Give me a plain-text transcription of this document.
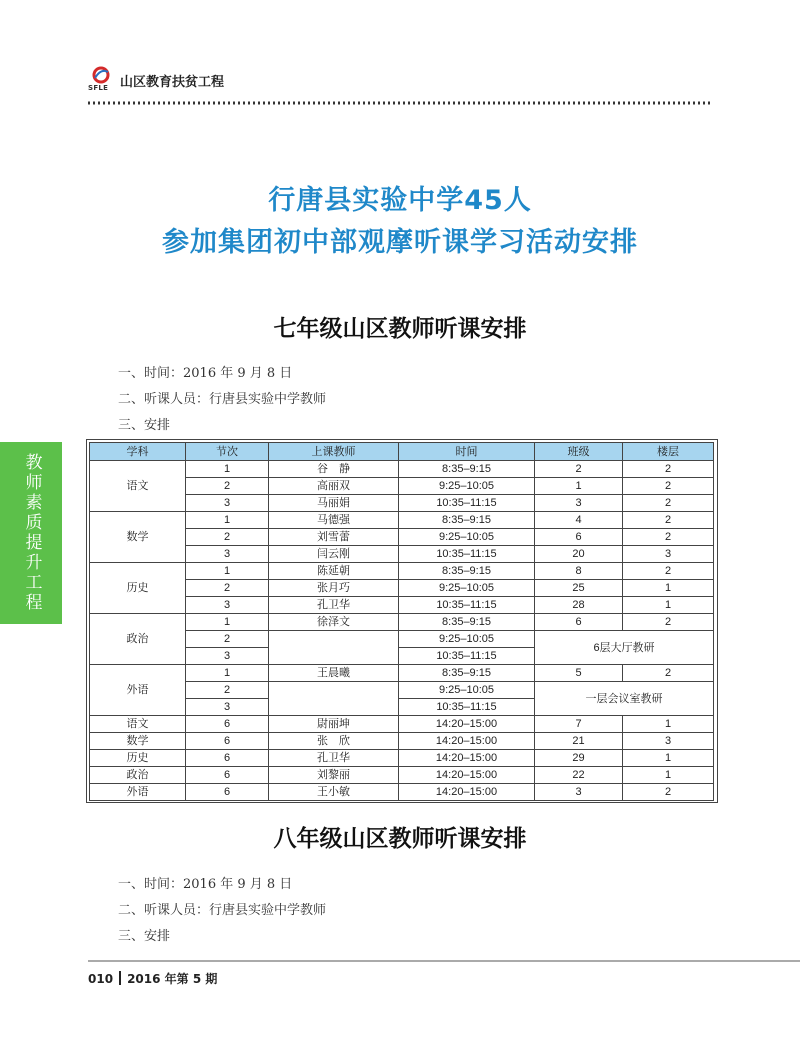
SFLE 山区教育扶贫工程
教师素质提升工程
行唐县实验中学45人
参加集团初中部观摩听课学习活动安排
七年级山区教师听课安排
一、时间：2016 年 9 月 8 日
二、听课人员：行唐县实验中学教师
三、安排
学科	节次	上课教师	时间	班级	楼层
语文	1	谷　静	8:35–9:15	2	2
	2	高丽双	9:25–10:05	1	2
	3	马丽娟	10:35–11:15	3	2
数学	1	马德强	8:35–9:15	4	2
	2	刘雪蕾	9:25–10:05	6	2
	3	闫云刚	10:35–11:15	20	3
历史	1	陈延朝	8:35–9:15	8	2
	2	张月巧	9:25–10:05	25	1
	3	孔卫华	10:35–11:15	28	1
政治	1	徐泽文	8:35–9:15	6	2
	2		9:25–10:05	6层大厅教研	
	3		10:35–11:15		
外语	1	王晨曦	8:35–9:15	5	2
	2		9:25–10:05	一层会议室教研	
	3		10:35–11:15		
语文	6	尉丽坤	14:20–15:00	7	1
数学	6	张　欣	14:20–15:00	21	3
历史	6	孔卫华	14:20–15:00	29	1
政治	6	刘黎丽	14:20–15:00	22	1
外语	6	王小敏	14:20–15:00	3	2
八年级山区教师听课安排
一、时间：2016 年 9 月 8 日
二、听课人员：行唐县实验中学教师
三、安排
010 2016 年第 5 期
